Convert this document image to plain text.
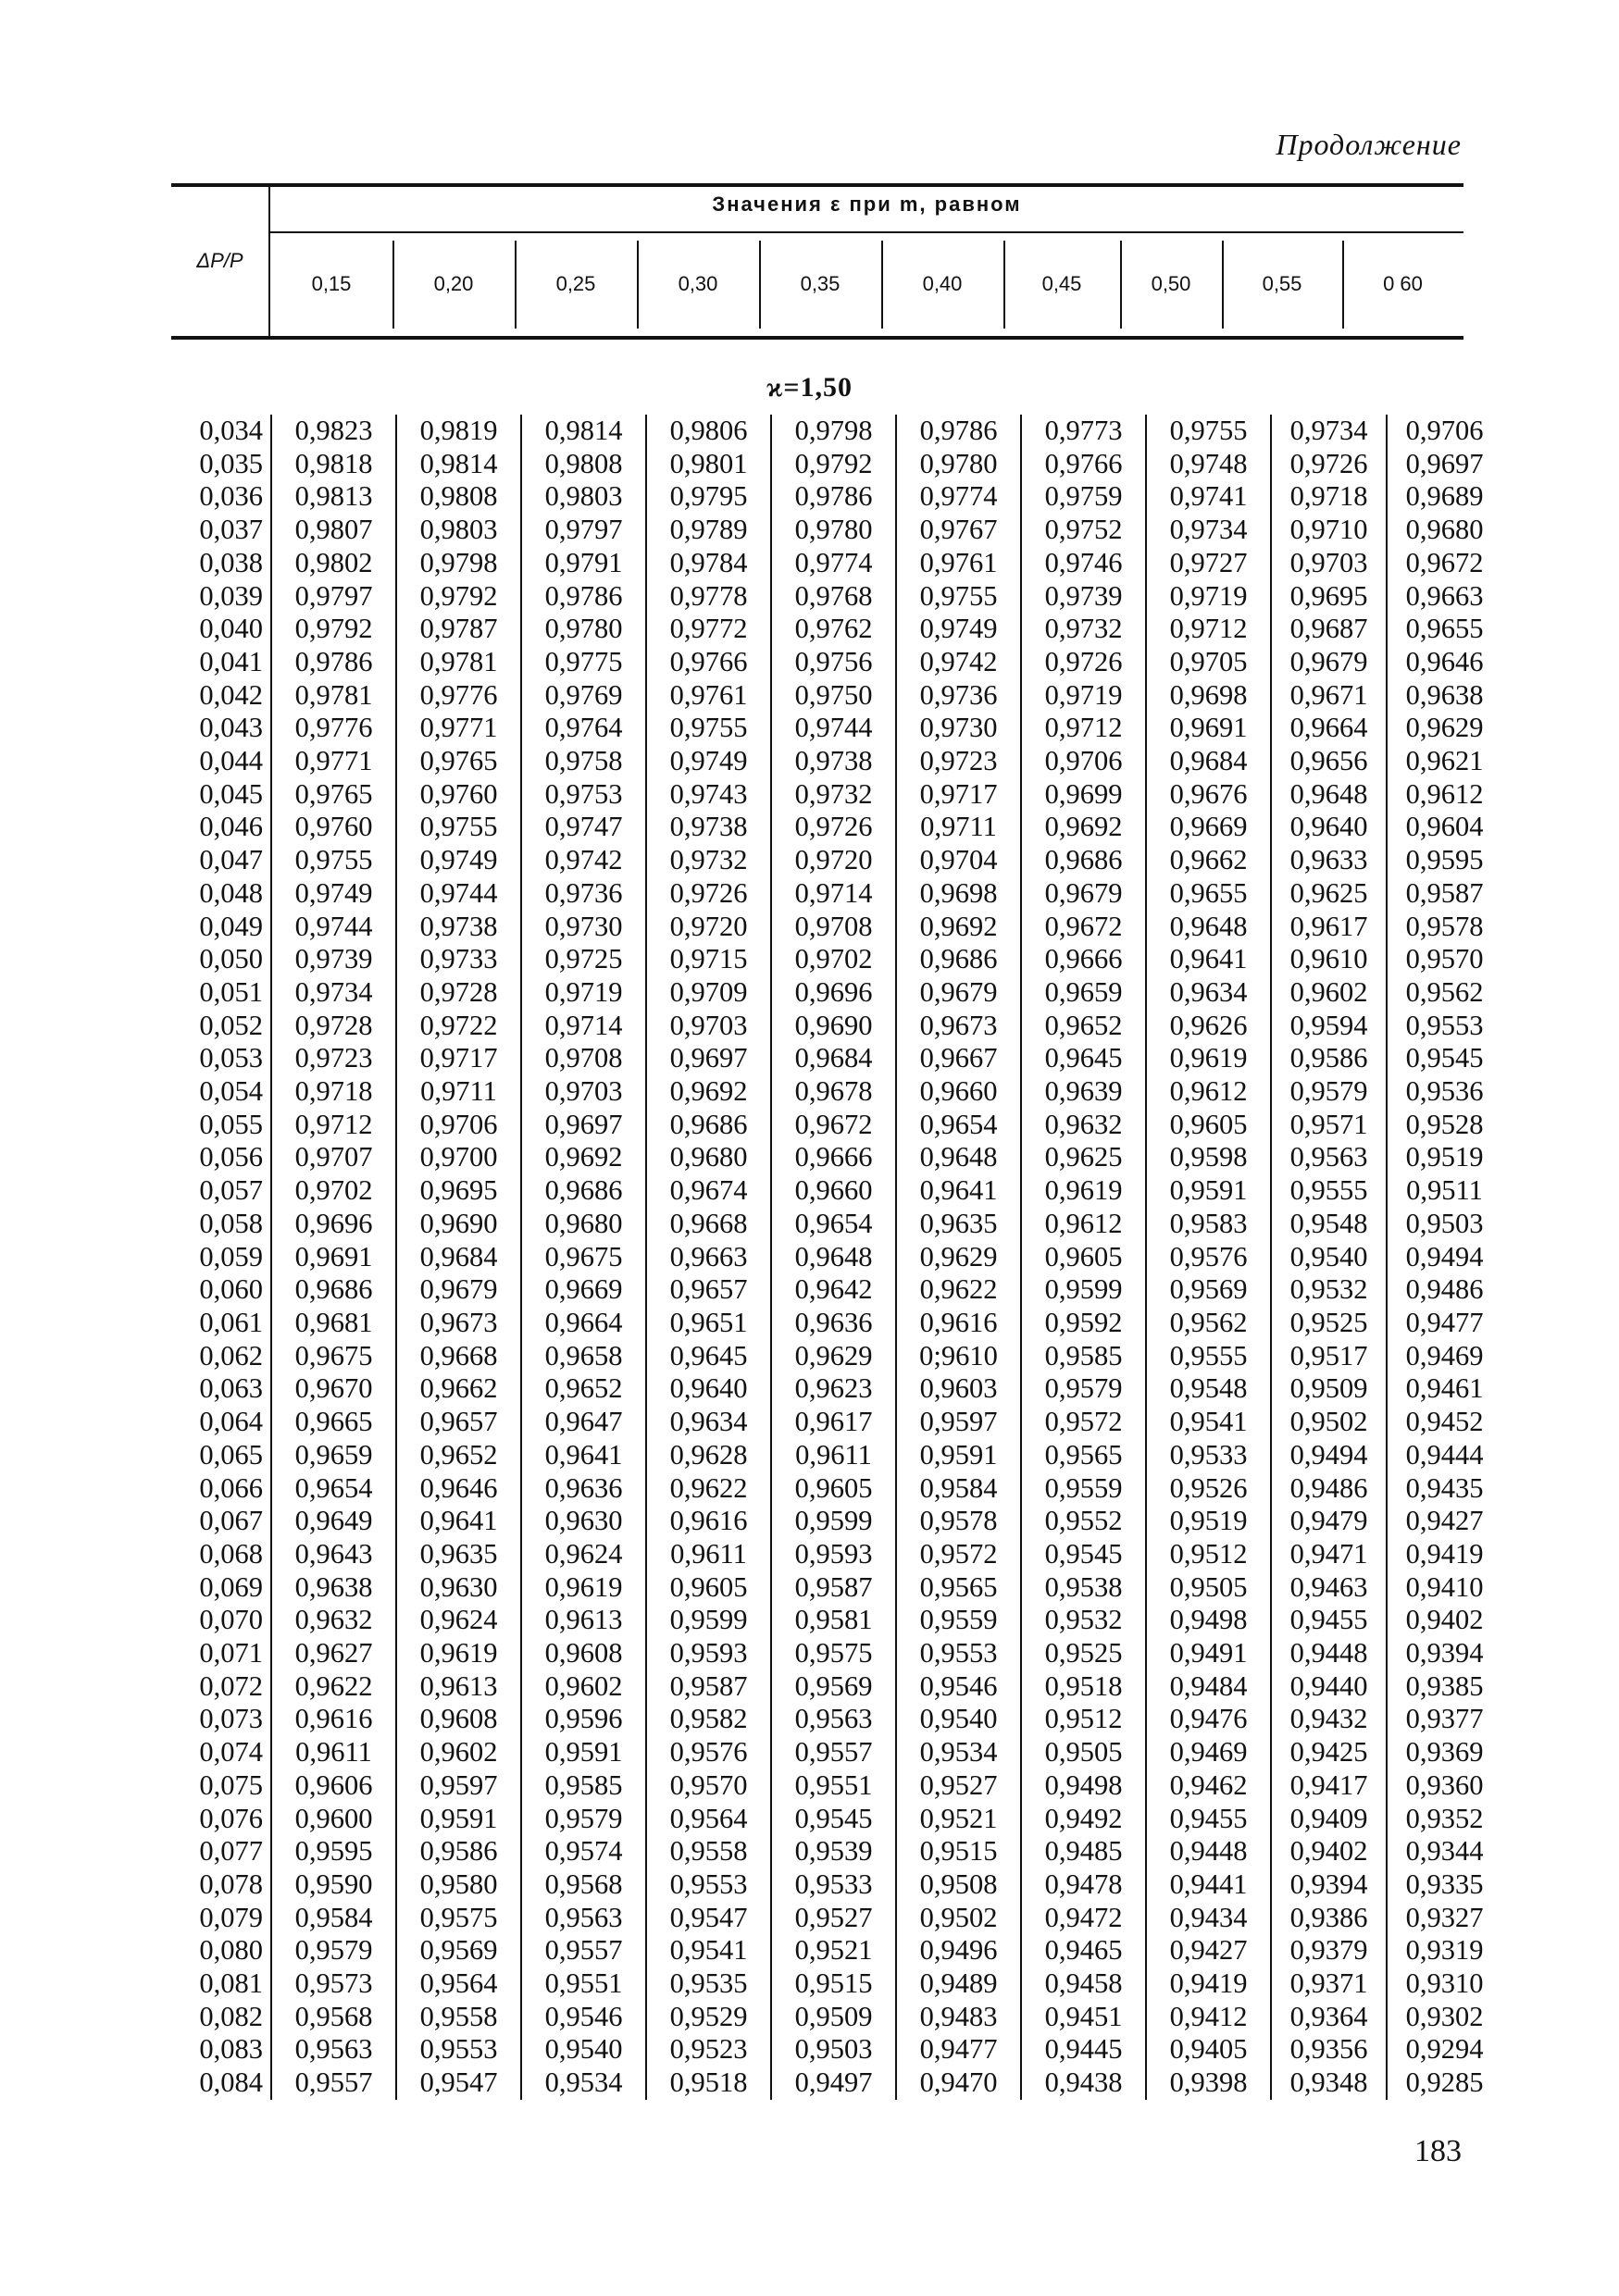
Продолжение
ΔP/P
Значения ε при m, равном
0,15	0,20	0,25	0,30	0,35	0,40	0,45	0,50	0,55	0 60
ϰ=1,50
0,034	0,9823	0,9819	0,9814	0,9806	0,9798	0,9786	0,9773	0,9755	0,9734	0,9706
0,035	0,9818	0,9814	0,9808	0,9801	0,9792	0,9780	0,9766	0,9748	0,9726	0,9697
0,036	0,9813	0,9808	0,9803	0,9795	0,9786	0,9774	0,9759	0,9741	0,9718	0,9689
0,037	0,9807	0,9803	0,9797	0,9789	0,9780	0,9767	0,9752	0,9734	0,9710	0,9680
0,038	0,9802	0,9798	0,9791	0,9784	0,9774	0,9761	0,9746	0,9727	0,9703	0,9672
0,039	0,9797	0,9792	0,9786	0,9778	0,9768	0,9755	0,9739	0,9719	0,9695	0,9663
0,040	0,9792	0,9787	0,9780	0,9772	0,9762	0,9749	0,9732	0,9712	0,9687	0,9655
0,041	0,9786	0,9781	0,9775	0,9766	0,9756	0,9742	0,9726	0,9705	0,9679	0,9646
0,042	0,9781	0,9776	0,9769	0,9761	0,9750	0,9736	0,9719	0,9698	0,9671	0,9638
0,043	0,9776	0,9771	0,9764	0,9755	0,9744	0,9730	0,9712	0,9691	0,9664	0,9629
0,044	0,9771	0,9765	0,9758	0,9749	0,9738	0,9723	0,9706	0,9684	0,9656	0,9621
0,045	0,9765	0,9760	0,9753	0,9743	0,9732	0,9717	0,9699	0,9676	0,9648	0,9612
0,046	0,9760	0,9755	0,9747	0,9738	0,9726	0,9711	0,9692	0,9669	0,9640	0,9604
0,047	0,9755	0,9749	0,9742	0,9732	0,9720	0,9704	0,9686	0,9662	0,9633	0,9595
0,048	0,9749	0,9744	0,9736	0,9726	0,9714	0,9698	0,9679	0,9655	0,9625	0,9587
0,049	0,9744	0,9738	0,9730	0,9720	0,9708	0,9692	0,9672	0,9648	0,9617	0,9578
0,050	0,9739	0,9733	0,9725	0,9715	0,9702	0,9686	0,9666	0,9641	0,9610	0,9570
0,051	0,9734	0,9728	0,9719	0,9709	0,9696	0,9679	0,9659	0,9634	0,9602	0,9562
0,052	0,9728	0,9722	0,9714	0,9703	0,9690	0,9673	0,9652	0,9626	0,9594	0,9553
0,053	0,9723	0,9717	0,9708	0,9697	0,9684	0,9667	0,9645	0,9619	0,9586	0,9545
0,054	0,9718	0,9711	0,9703	0,9692	0,9678	0,9660	0,9639	0,9612	0,9579	0,9536
0,055	0,9712	0,9706	0,9697	0,9686	0,9672	0,9654	0,9632	0,9605	0,9571	0,9528
0,056	0,9707	0,9700	0,9692	0,9680	0,9666	0,9648	0,9625	0,9598	0,9563	0,9519
0,057	0,9702	0,9695	0,9686	0,9674	0,9660	0,9641	0,9619	0,9591	0,9555	0,9511
0,058	0,9696	0,9690	0,9680	0,9668	0,9654	0,9635	0,9612	0,9583	0,9548	0,9503
0,059	0,9691	0,9684	0,9675	0,9663	0,9648	0,9629	0,9605	0,9576	0,9540	0,9494
0,060	0,9686	0,9679	0,9669	0,9657	0,9642	0,9622	0,9599	0,9569	0,9532	0,9486
0,061	0,9681	0,9673	0,9664	0,9651	0,9636	0,9616	0,9592	0,9562	0,9525	0,9477
0,062	0,9675	0,9668	0,9658	0,9645	0,9629	0;9610	0,9585	0,9555	0,9517	0,9469
0,063	0,9670	0,9662	0,9652	0,9640	0,9623	0,9603	0,9579	0,9548	0,9509	0,9461
0,064	0,9665	0,9657	0,9647	0,9634	0,9617	0,9597	0,9572	0,9541	0,9502	0,9452
0,065	0,9659	0,9652	0,9641	0,9628	0,9611	0,9591	0,9565	0,9533	0,9494	0,9444
0,066	0,9654	0,9646	0,9636	0,9622	0,9605	0,9584	0,9559	0,9526	0,9486	0,9435
0,067	0,9649	0,9641	0,9630	0,9616	0,9599	0,9578	0,9552	0,9519	0,9479	0,9427
0,068	0,9643	0,9635	0,9624	0,9611	0,9593	0,9572	0,9545	0,9512	0,9471	0,9419
0,069	0,9638	0,9630	0,9619	0,9605	0,9587	0,9565	0,9538	0,9505	0,9463	0,9410
0,070	0,9632	0,9624	0,9613	0,9599	0,9581	0,9559	0,9532	0,9498	0,9455	0,9402
0,071	0,9627	0,9619	0,9608	0,9593	0,9575	0,9553	0,9525	0,9491	0,9448	0,9394
0,072	0,9622	0,9613	0,9602	0,9587	0,9569	0,9546	0,9518	0,9484	0,9440	0,9385
0,073	0,9616	0,9608	0,9596	0,9582	0,9563	0,9540	0,9512	0,9476	0,9432	0,9377
0,074	0,9611	0,9602	0,9591	0,9576	0,9557	0,9534	0,9505	0,9469	0,9425	0,9369
0,075	0,9606	0,9597	0,9585	0,9570	0,9551	0,9527	0,9498	0,9462	0,9417	0,9360
0,076	0,9600	0,9591	0,9579	0,9564	0,9545	0,9521	0,9492	0,9455	0,9409	0,9352
0,077	0,9595	0,9586	0,9574	0,9558	0,9539	0,9515	0,9485	0,9448	0,9402	0,9344
0,078	0,9590	0,9580	0,9568	0,9553	0,9533	0,9508	0,9478	0,9441	0,9394	0,9335
0,079	0,9584	0,9575	0,9563	0,9547	0,9527	0,9502	0,9472	0,9434	0,9386	0,9327
0,080	0,9579	0,9569	0,9557	0,9541	0,9521	0,9496	0,9465	0,9427	0,9379	0,9319
0,081	0,9573	0,9564	0,9551	0,9535	0,9515	0,9489	0,9458	0,9419	0,9371	0,9310
0,082	0,9568	0,9558	0,9546	0,9529	0,9509	0,9483	0,9451	0,9412	0,9364	0,9302
0,083	0,9563	0,9553	0,9540	0,9523	0,9503	0,9477	0,9445	0,9405	0,9356	0,9294
0,084	0,9557	0,9547	0,9534	0,9518	0,9497	0,9470	0,9438	0,9398	0,9348	0,9285
183
